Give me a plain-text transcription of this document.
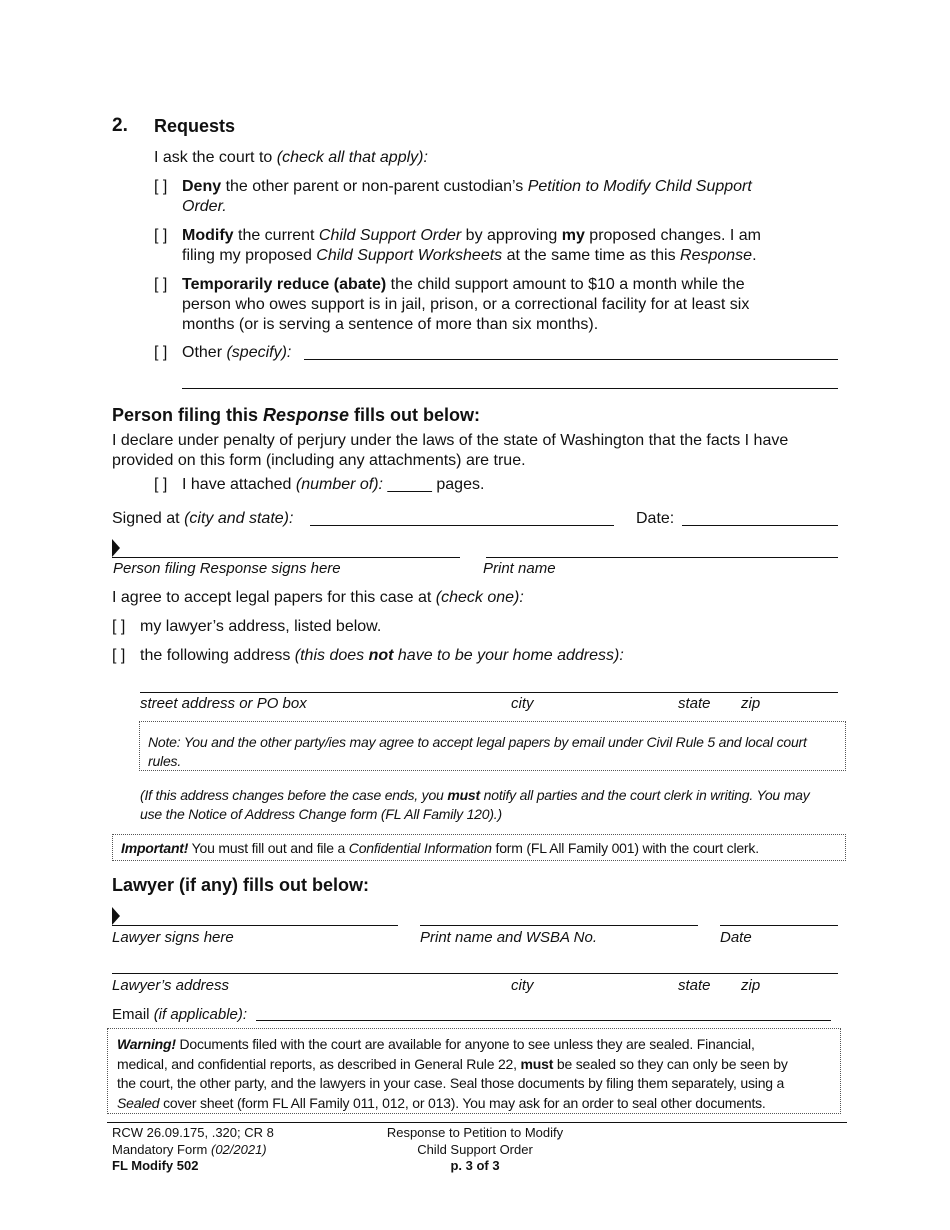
2. Requests
I ask the court to (check all that apply):
[ ] Deny the other parent or non-parent custodian’s Petition to Modify Child Support
Order.
[ ] Modify the current Child Support Order by approving my proposed changes. I am
filing my proposed Child Support Worksheets at the same time as this Response.
[ ] Temporarily reduce (abate) the child support amount to $10 a month while the
person who owes support is in jail, prison, or a correctional facility for at least six
months (or is serving a sentence of more than six months).
[ ] Other (specify):
Person filing this Response fills out below:
I declare under penalty of perjury under the laws of the state of Washington that the facts I have
provided on this form (including any attachments) are true.
[ ] I have attached (number of): _____ pages.
Signed at (city and state):	Date:
Person filing Response signs here	Print name
I agree to accept legal papers for this case at (check one):
[ ] my lawyer’s address, listed below.
[ ] the following address (this does not have to be your home address):
street address or PO box	city	state zip
Note: You and the other party/ies may agree to accept legal papers by email under Civil Rule 5 and local court
rules.
(If this address changes before the case ends, you must notify all parties and the court clerk in writing. You may
use the Notice of Address Change form (FL All Family 120).)
Important! You must fill out and file a Confidential Information form (FL All Family 001) with the court clerk.
Lawyer (if any) fills out below:
Lawyer signs here	Print name and WSBA No.	Date
Lawyer’s address	city	state zip
Email (if applicable):
Warning! Documents filed with the court are available for anyone to see unless they are sealed. Financial,
medical, and confidential reports, as described in General Rule 22, must be sealed so they can only be seen by
the court, the other party, and the lawyers in your case. Seal those documents by filing them separately, using a
Sealed cover sheet (form FL All Family 011, 012, or 013). You may ask for an order to seal other documents.
RCW 26.09.175, .320; CR 8
Mandatory Form (02/2021)
FL Modify 502
Response to Petition to Modify
Child Support Order
p. 3 of 3
